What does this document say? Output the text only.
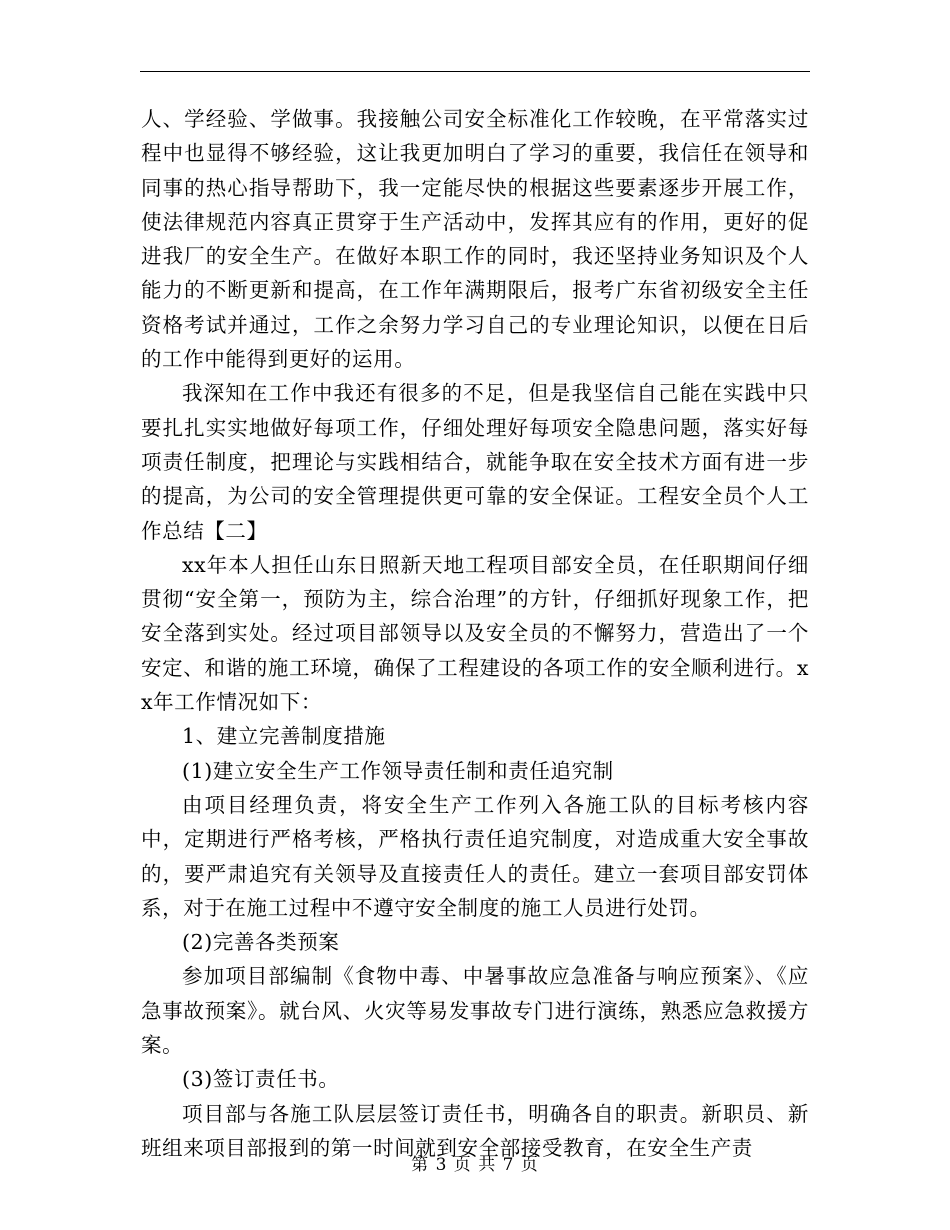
人、学经验、学做事。我接触公司安全标准化工作较晚，在平常落实过程中也显得不够经验，这让我更加明白了学习的重要，我信任在领导和同事的热心指导帮助下，我一定能尽快的根据这些要素逐步开展工作，使法律规范内容真正贯穿于生产活动中，发挥其应有的作用，更好的促进我厂的安全生产。在做好本职工作的同时，我还坚持业务知识及个人能力的不断更新和提高，在工作年满期限后，报考广东省初级安全主任资格考试并通过，工作之余努力学习自己的专业理论知识，以便在日后的工作中能得到更好的运用。

我深知在工作中我还有很多的不足，但是我坚信自己能在实践中只要扎扎实实地做好每项工作，仔细处理好每项安全隐患问题，落实好每项责任制度，把理论与实践相结合，就能争取在安全技术方面有进一步的提高，为公司的安全管理提供更可靠的安全保证。工程安全员个人工作总结【二】

xx年本人担任山东日照新天地工程项目部安全员，在任职期间仔细贯彻“安全第一，预防为主，综合治理”的方针，仔细抓好现象工作，把安全落到实处。经过项目部领导以及安全员的不懈努力，营造出了一个安定、和谐的施工环境，确保了工程建设的各项工作的安全顺利进行。xx年工作情况如下：

1、建立完善制度措施

(1)建立安全生产工作领导责任制和责任追究制

由项目经理负责，将安全生产工作列入各施工队的目标考核内容中，定期进行严格考核，严格执行责任追究制度，对造成重大安全事故的，要严肃追究有关领导及直接责任人的责任。建立一套项目部安罚体系，对于在施工过程中不遵守安全制度的施工人员进行处罚。

(2)完善各类预案

参加项目部编制《食物中毒、中暑事故应急准备与响应预案》、《应急事故预案》。就台风、火灾等易发事故专门进行演练，熟悉应急救援方案。

(3)签订责任书。

项目部与各施工队层层签订责任书，明确各自的职责。新职员、新班组来项目部报到的第一时间就到安全部接受教育，在安全生产责

第 3 页 共 7 页
